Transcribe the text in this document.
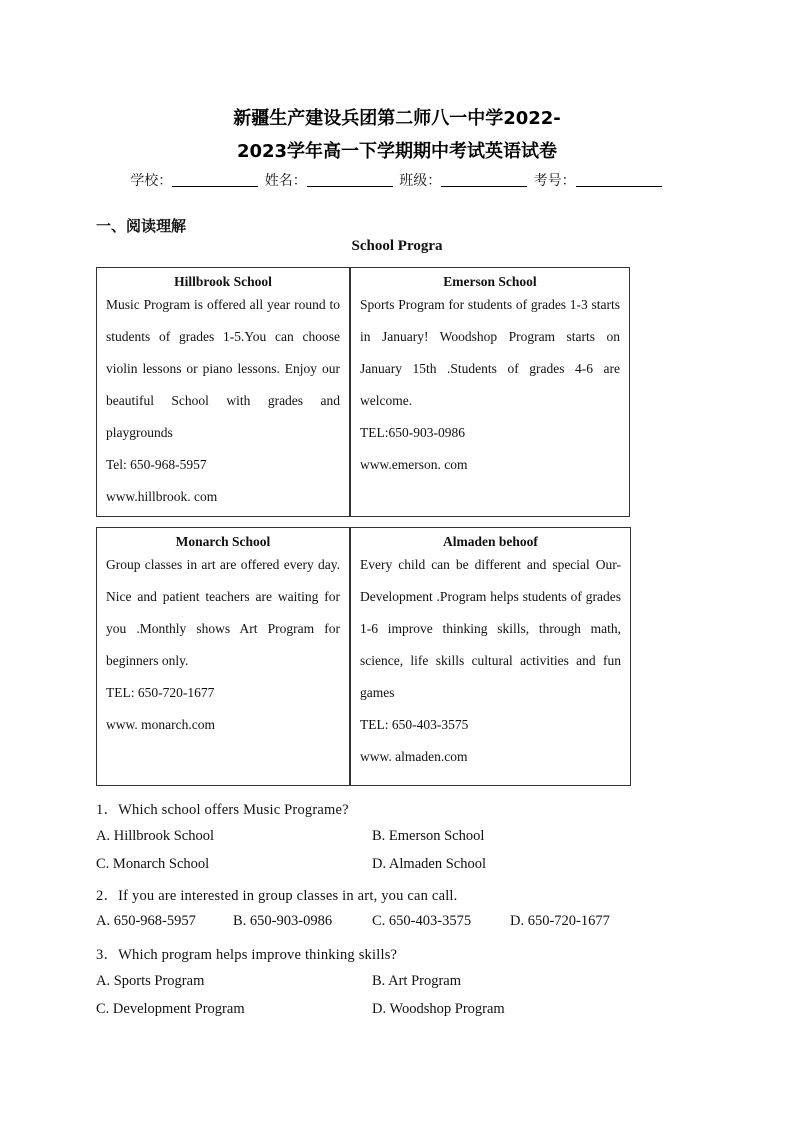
新疆生产建设兵团第二师八一中学2022-
2023学年高一下学期期中考试英语试卷
学校：	姓名：	班级：	考号：
一、阅读理解
School Progra
Hillbrook School
Music Program is offered all year round to students of grades 1-5.You can choose violin lessons or piano lessons. Enjoy our beautiful School with grades and playgrounds
Tel: 650-968-5957
www.hillbrook. com
Emerson School
Sports Program for students of grades 1-3 starts in January! Woodshop Program starts on January 15th .Students of grades 4-6 are welcome.
TEL:650-903-0986
www.emerson. com
Monarch School
Group classes in art are offered every day. Nice and patient teachers are waiting for you .Monthly shows Art Program for beginners only.
TEL: 650-720-1677
www. monarch.com
Almaden behoof
Every child can be different and special Our-Development .Program helps students of grades 1-6 improve thinking skills, through math, science, life skills cultural activities and fun games
TEL: 650-403-3575
www. almaden.com
1．Which school offers Music Programe?
A. Hillbrook School	B. Emerson School
C. Monarch School	D. Almaden School
2．If you are interested in group classes in art, you can call.
A. 650-968-5957	B. 650-903-0986	C. 650-403-3575	D. 650-720-1677
3．Which program helps improve thinking skills?
A. Sports Program	B. Art Program
C. Development Program	D. Woodshop Program
